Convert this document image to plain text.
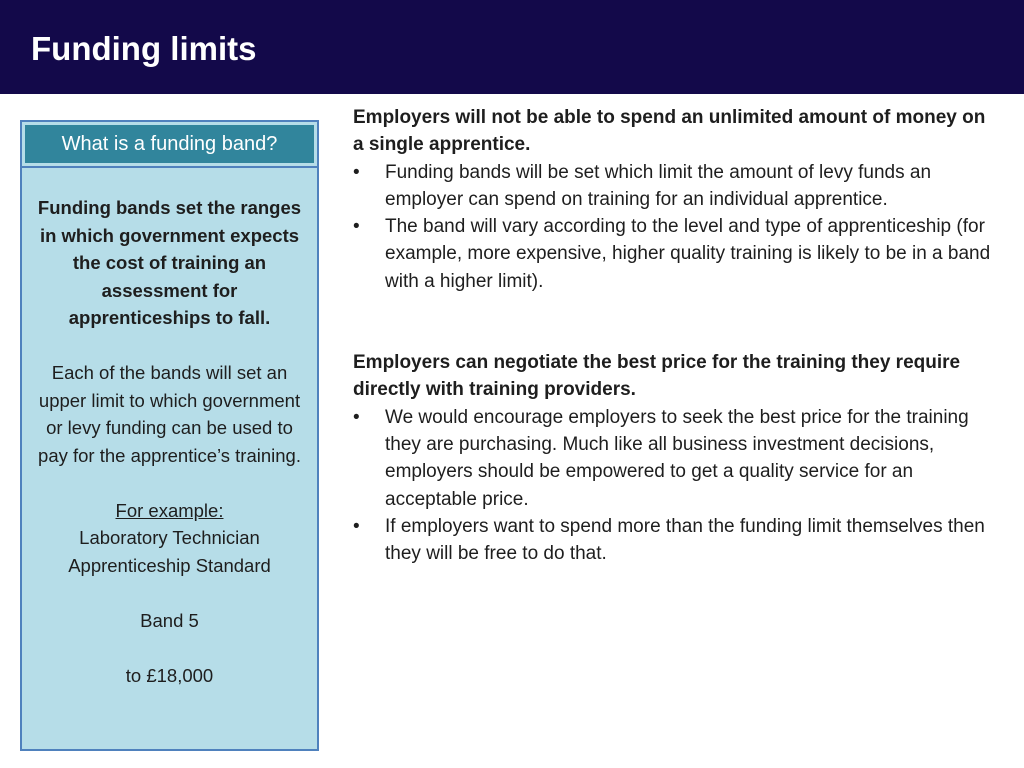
Funding limits
What is a funding band?

Funding bands set the ranges in which government expects the cost of training an assessment for apprenticeships to fall.

Each of the bands will set an upper limit to which government or levy funding can be used to pay for the apprentice’s training.

For example:

Laboratory Technician

Apprenticeship Standard

Band 5

to £18,000

Employers will not be able to spend an unlimited amount of money on a single apprentice.

• Funding bands will be set which limit the amount of levy funds an employer can spend on training for an individual apprentice.
• The band will vary according to the level and type of apprenticeship (for example, more expensive, higher quality training is likely to be in a band with a higher limit).

Employers can negotiate the best price for the training they require directly with training providers.

• We would encourage employers to seek the best price for the training they are purchasing. Much like all business investment decisions, employers should be empowered to get a quality service for an acceptable price.
• If employers want to spend more than the funding limit themselves then they will be free to do that.
